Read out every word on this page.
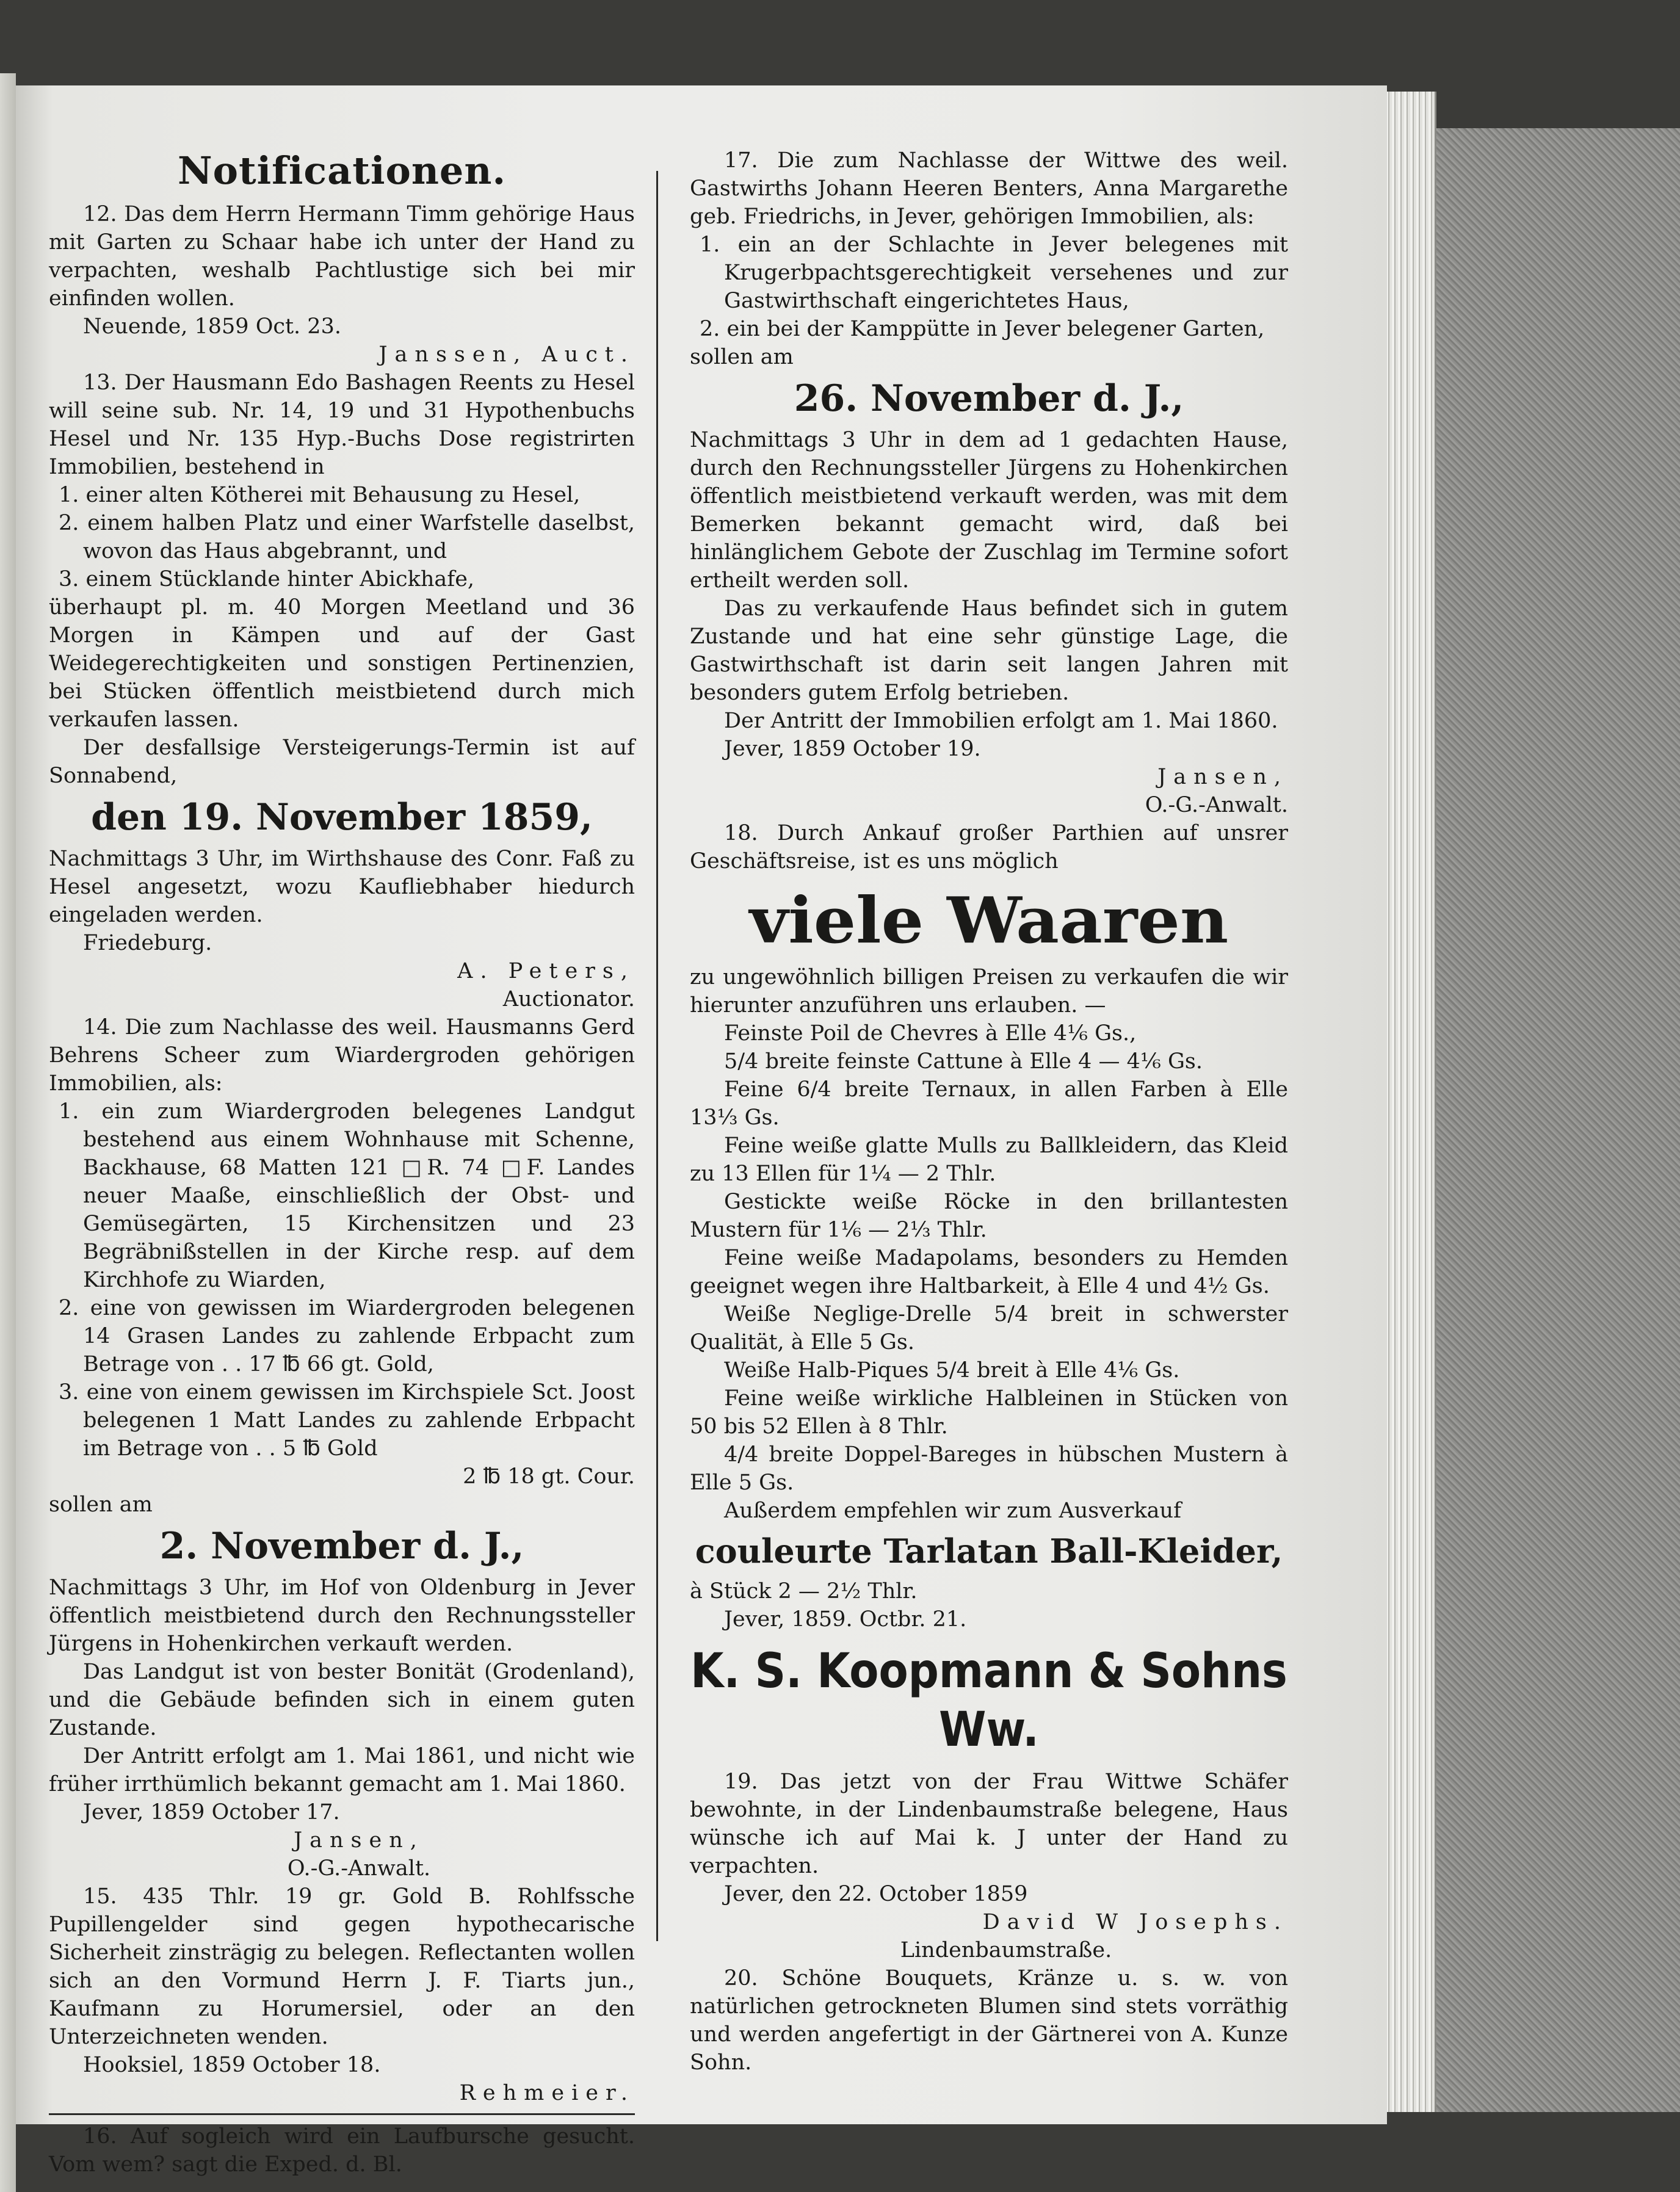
Notificationen.

12. Das dem Herrn Hermann Timm gehörige Haus mit Garten zu Schaar habe ich unter der Hand zu verpachten, weshalb Pachtlustige sich bei mir einfinden wollen.

Neuende, 1859 Oct. 23.

Janssen, Auct.

13. Der Hausmann Edo Bashagen Reents zu Hesel will seine sub. Nr. 14, 19 und 31 Hypothenbuchs Hesel und Nr. 135 Hyp.-Buchs Dose registrirten Immobilien, bestehend in

1. einer alten Kötherei mit Behausung zu Hesel,

2. einem halben Platz und einer Warfstelle daselbst, wovon das Haus abgebrannt, und

3. einem Stücklande hinter Abickhafe,

überhaupt pl. m. 40 Morgen Meetland und 36 Morgen in Kämpen und auf der Gast Weidegerechtigkeiten und sonstigen Pertinenzien, bei Stücken öffentlich meistbietend durch mich verkaufen lassen.

Der desfallsige Versteigerungs-Termin ist auf Sonnabend,

den 19. November 1859,

Nachmittags 3 Uhr, im Wirthshause des Conr. Faß zu Hesel angesetzt, wozu Kaufliebhaber hiedurch eingeladen werden.

Friedeburg.

A. Peters,

Auctionator.

14. Die zum Nachlasse des weil. Hausmanns Gerd Behrens Scheer zum Wiardergroden gehörigen Immobilien, als:

1. ein zum Wiardergroden belegenes Landgut bestehend aus einem Wohnhause mit Schenne, Backhause, 68 Matten 121 □R. 74 □F. Landes neuer Maaße, einschließlich der Obst- und Gemüsegärten, 15 Kirchensitzen und 23 Begräbnißstellen in der Kirche resp. auf dem Kirchhofe zu Wiarden,

2. eine von gewissen im Wiardergroden belegenen 14 Grasen Landes zu zahlende Erbpacht zum Betrage von . . 17 ℔ 66 gt. Gold,

3. eine von einem gewissen im Kirchspiele Sct. Joost belegenen 1 Matt Landes zu zahlende Erbpacht im Betrage von . . 5 ℔ Gold

2 ℔ 18 gt. Cour.

sollen am

2. November d. J.,

Nachmittags 3 Uhr, im Hof von Oldenburg in Jever öffentlich meistbietend durch den Rechnungssteller Jürgens in Hohenkirchen verkauft werden.

Das Landgut ist von bester Bonität (Grodenland), und die Gebäude befinden sich in einem guten Zustande.

Der Antritt erfolgt am 1. Mai 1861, und nicht wie früher irrthümlich bekannt gemacht am 1. Mai 1860.

Jever, 1859 October 17.

Jansen,

O.-G.-Anwalt.

15. 435 Thlr. 19 gr. Gold B. Rohlfssche Pupillengelder sind gegen hypothecarische Sicherheit zinsträgig zu belegen. Reflectanten wollen sich an den Vormund Herrn J. F. Tiarts jun., Kaufmann zu Horumersiel, oder an den Unterzeichneten wenden.

Hooksiel, 1859 October 18.

Rehmeier.

16. Auf sogleich wird ein Laufbursche gesucht. Vom wem? sagt die Exped. d. Bl.

17. Die zum Nachlasse der Wittwe des weil. Gastwirths Johann Heeren Benters, Anna Margarethe geb. Friedrichs, in Jever, gehörigen Immobilien, als:

1. ein an der Schlachte in Jever belegenes mit Krugerbpachtsgerechtigkeit versehenes und zur Gastwirthschaft eingerichtetes Haus,

2. ein bei der Kamppütte in Jever belegener Garten,

sollen am

26. November d. J.,

Nachmittags 3 Uhr in dem ad 1 gedachten Hause, durch den Rechnungssteller Jürgens zu Hohenkirchen öffentlich meistbietend verkauft werden, was mit dem Bemerken bekannt gemacht wird, daß bei hinlänglichem Gebote der Zuschlag im Termine sofort ertheilt werden soll.

Das zu verkaufende Haus befindet sich in gutem Zustande und hat eine sehr günstige Lage, die Gastwirthschaft ist darin seit langen Jahren mit besonders gutem Erfolg betrieben.

Der Antritt der Immobilien erfolgt am 1. Mai 1860.

Jever, 1859 October 19.

Jansen,

O.-G.-Anwalt.

18. Durch Ankauf großer Parthien auf unsrer Geschäftsreise, ist es uns möglich

viele Waaren

zu ungewöhnlich billigen Preisen zu verkaufen die wir hierunter anzuführen uns erlauben. —

Feinste Poil de Chevres à Elle 4⅙ Gs.,

5/4 breite feinste Cattune à Elle 4 — 4⅙ Gs.

Feine 6/4 breite Ternaux, in allen Farben à Elle 13⅓ Gs.

Feine weiße glatte Mulls zu Ballkleidern, das Kleid zu 13 Ellen für 1¼ — 2 Thlr.

Gestickte weiße Röcke in den brillantesten Mustern für 1⅙ — 2⅓ Thlr.

Feine weiße Madapolams, besonders zu Hemden geeignet wegen ihre Haltbarkeit, à Elle 4 und 4½ Gs.

Weiße Neglige-Drelle 5/4 breit in schwerster Qualität, à Elle 5 Gs.

Weiße Halb-Piques 5/4 breit à Elle 4⅙ Gs.

Feine weiße wirkliche Halbleinen in Stücken von 50 bis 52 Ellen à 8 Thlr.

4/4 breite Doppel-Bareges in hübschen Mustern à Elle 5 Gs.

Außerdem empfehlen wir zum Ausverkauf

couleurte Tarlatan Ball-Kleider,

à Stück 2 — 2½ Thlr.

Jever, 1859. Octbr. 21.

K. S. Koopmann & Sohns Ww.

19. Das jetzt von der Frau Wittwe Schäfer bewohnte, in der Lindenbaumstraße belegene, Haus wünsche ich auf Mai k. J unter der Hand zu verpachten.

Jever, den 22. October 1859

David W Josephs.

Lindenbaumstraße.

20. Schöne Bouquets, Kränze u. s. w. von natürlichen getrockneten Blumen sind stets vorräthig und werden angefertigt in der Gärtnerei von A. Kunze Sohn.
